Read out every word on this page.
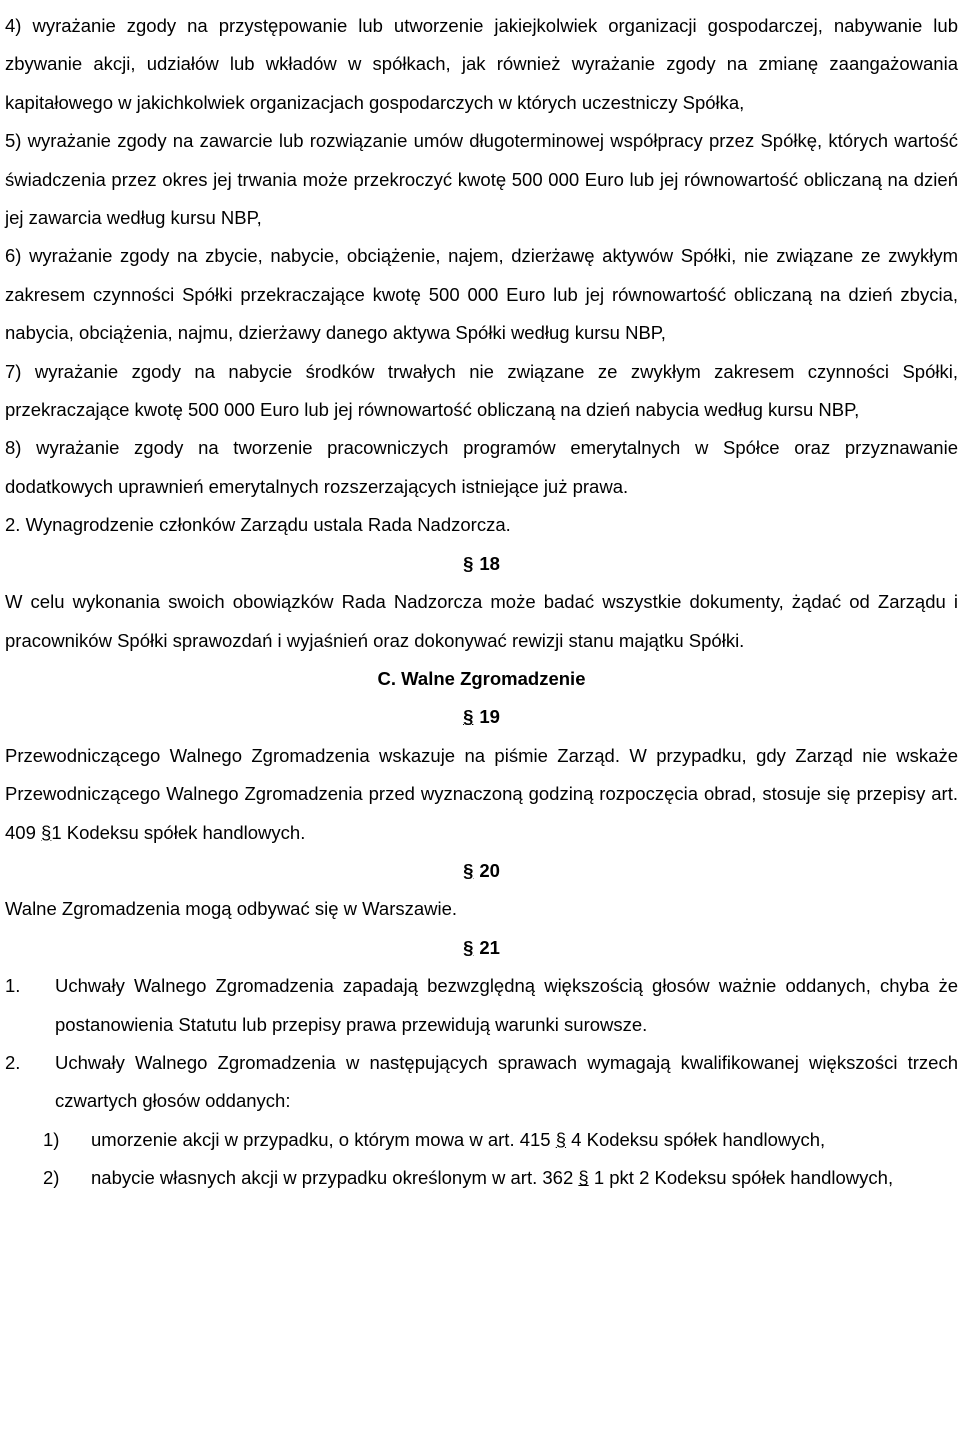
4) wyrażanie zgody na przystępowanie lub utworzenie jakiejkolwiek organizacji gospodarczej, nabywanie lub zbywanie akcji, udziałów lub wkładów w spółkach, jak również wyrażanie zgody na zmianę zaangażowania kapitałowego w jakichkolwiek organizacjach gospodarczych w których uczestniczy Spółka,

5) wyrażanie zgody na zawarcie lub rozwiązanie umów długoterminowej współpracy przez Spółkę, których wartość świadczenia przez okres jej trwania może przekroczyć kwotę 500 000 Euro lub jej równowartość obliczaną na dzień jej zawarcia według kursu NBP,

6) wyrażanie zgody na zbycie, nabycie, obciążenie, najem, dzierżawę aktywów Spółki, nie związane ze zwykłym zakresem czynności Spółki przekraczające kwotę 500 000 Euro lub jej równowartość obliczaną na dzień zbycia, nabycia, obciążenia, najmu, dzierżawy danego aktywa Spółki według kursu NBP,

7) wyrażanie zgody na nabycie środków trwałych nie związane ze zwykłym zakresem czynności Spółki, przekraczające kwotę 500 000 Euro lub jej równowartość obliczaną na dzień nabycia według kursu NBP,

8) wyrażanie zgody na tworzenie pracowniczych programów emerytalnych w Spółce oraz przyznawanie dodatkowych uprawnień emerytalnych rozszerzających istniejące już prawa.

2. Wynagrodzenie członków Zarządu ustala Rada Nadzorcza.

§ 18

W celu wykonania swoich obowiązków Rada Nadzorcza może badać wszystkie dokumenty, żądać od Zarządu i pracowników Spółki sprawozdań i wyjaśnień oraz dokonywać rewizji stanu majątku Spółki.

C. Walne Zgromadzenie

§ 19

Przewodniczącego Walnego Zgromadzenia wskazuje na piśmie Zarząd. W przypadku, gdy Zarząd nie wskaże Przewodniczącego Walnego Zgromadzenia przed wyznaczoną godziną rozpoczęcia obrad, stosuje się przepisy art. 409 §1 Kodeksu spółek handlowych.

§ 20

Walne Zgromadzenia mogą odbywać się w Warszawie.

§ 21

1.	Uchwały Walnego Zgromadzenia zapadają bezwzględną większością głosów ważnie oddanych, chyba że postanowienia Statutu lub przepisy prawa przewidują warunki surowsze.
2.	Uchwały Walnego Zgromadzenia w następujących sprawach wymagają kwalifikowanej większości trzech czwartych głosów oddanych:
1)	umorzenie akcji w przypadku, o którym mowa w art. 415 § 4 Kodeksu spółek handlowych,
2)	nabycie własnych akcji w przypadku określonym w art. 362 § 1 pkt 2 Kodeksu spółek handlowych,
